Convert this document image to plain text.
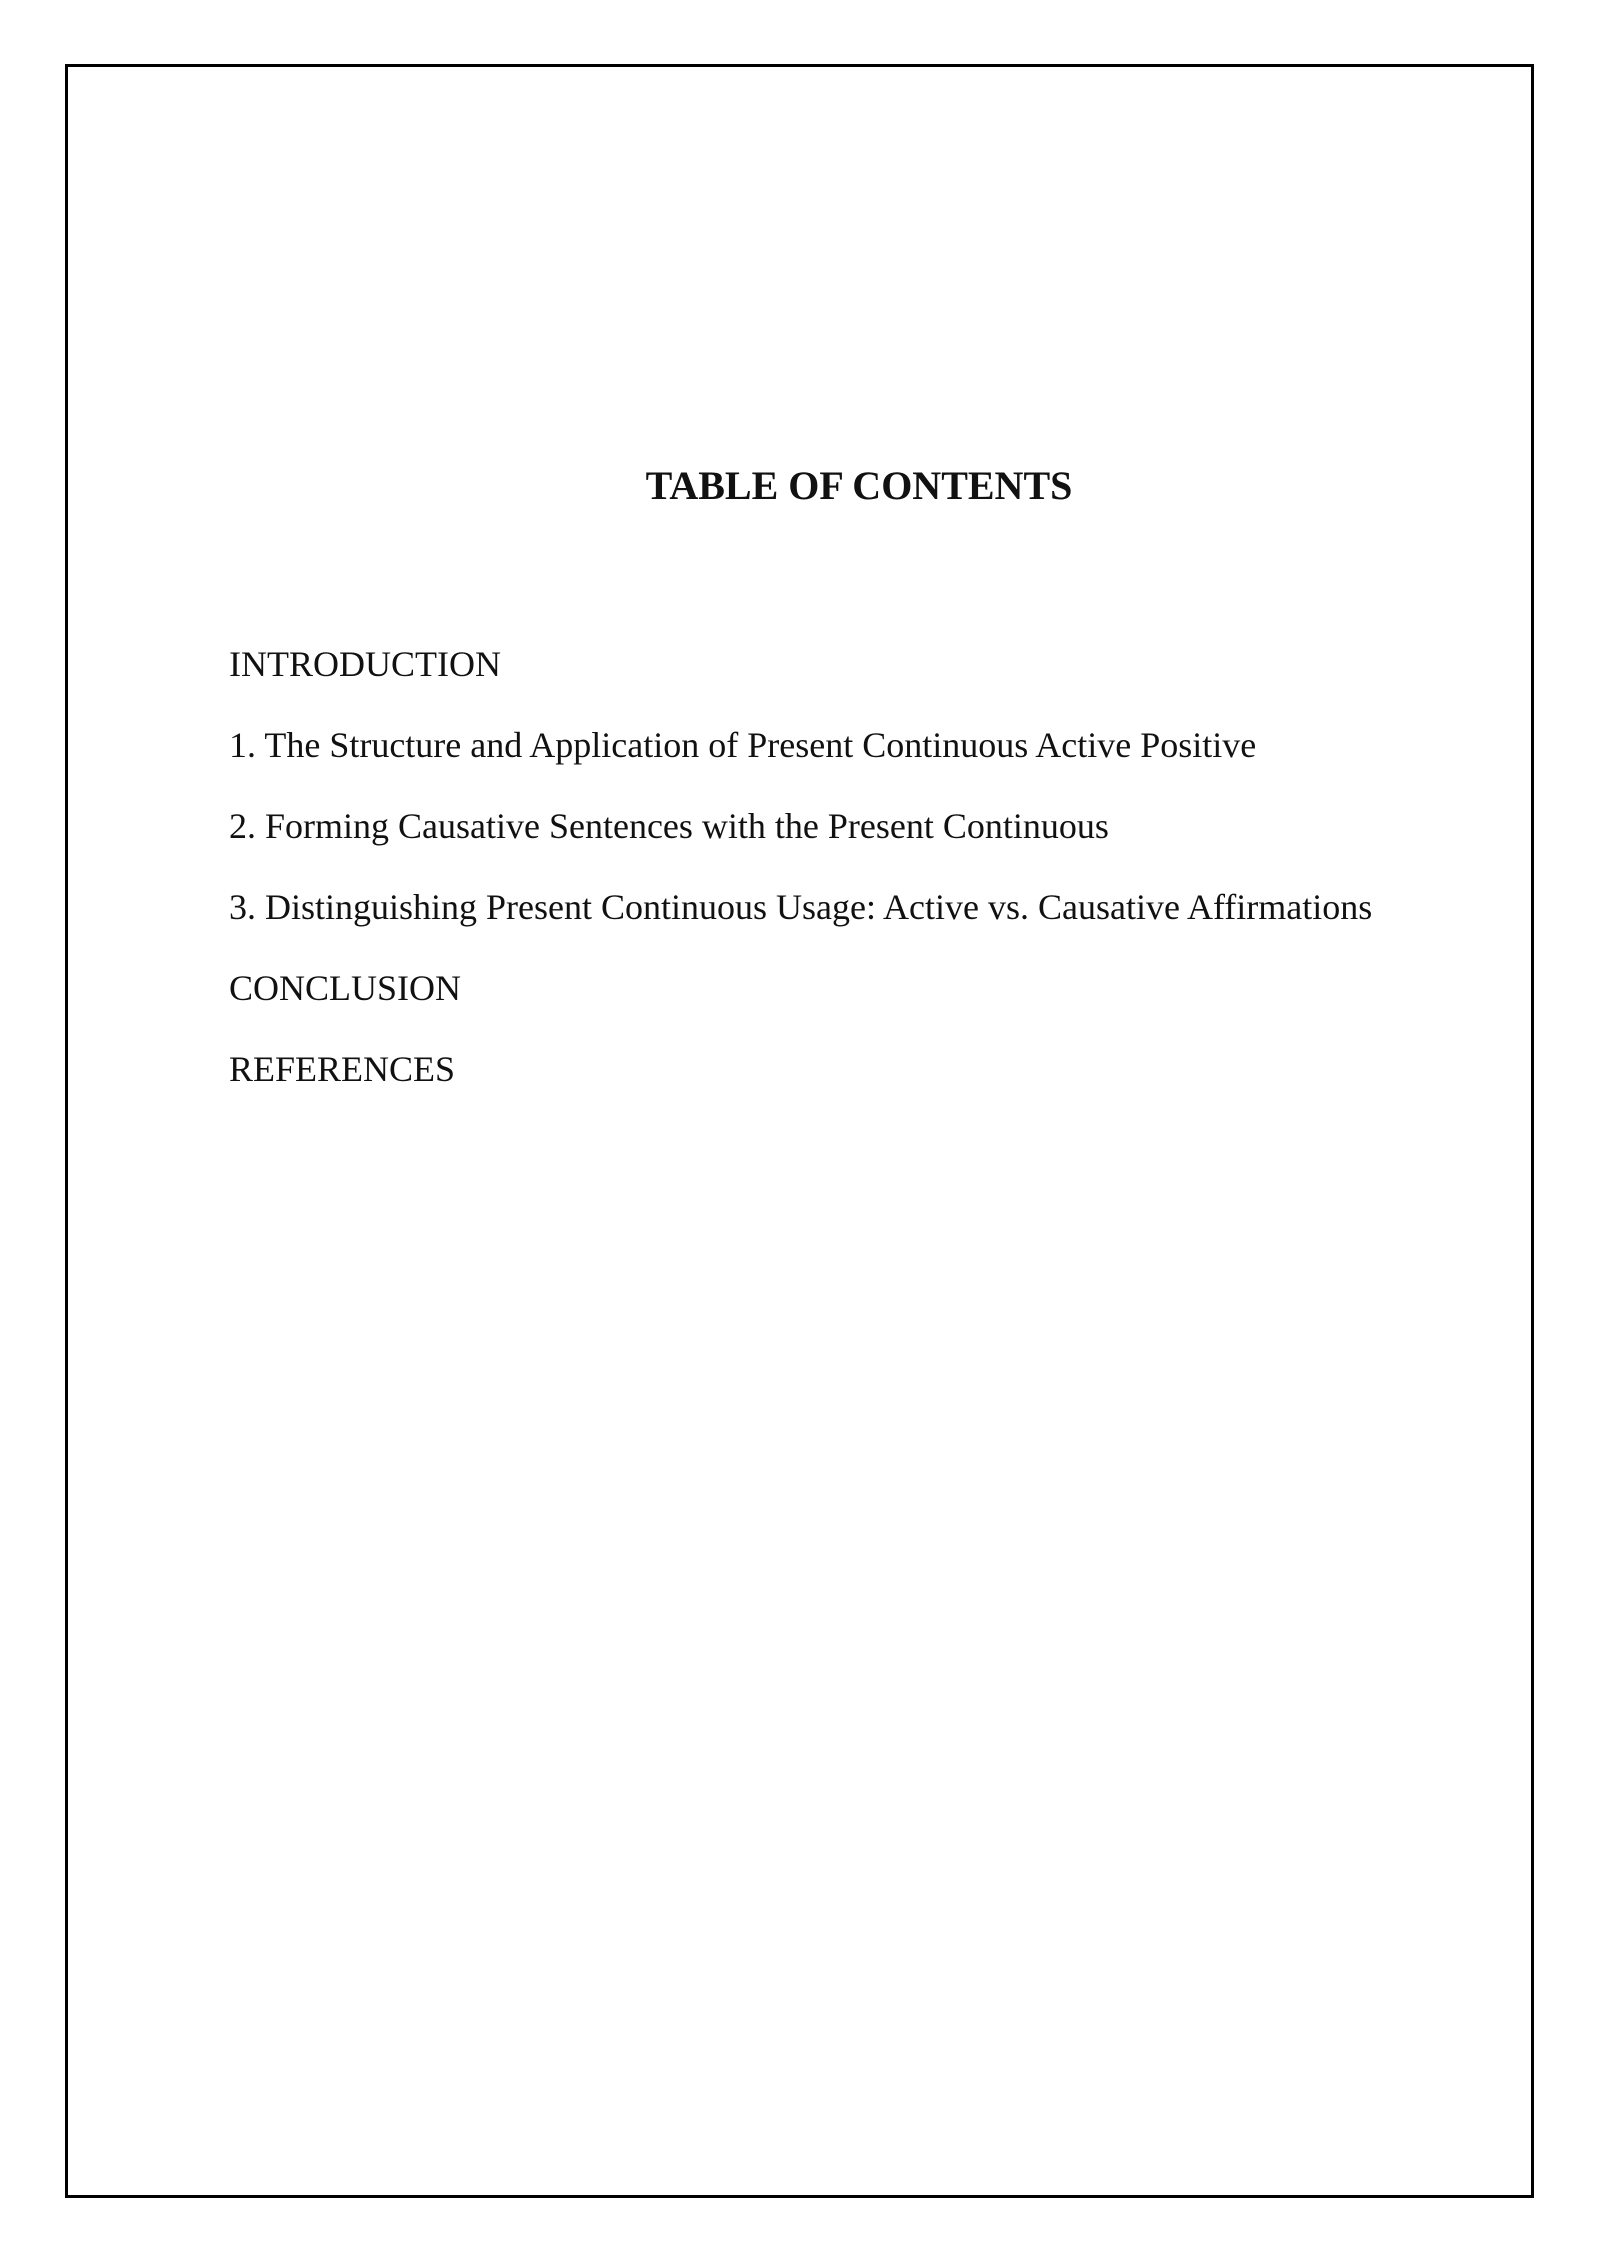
TABLE OF CONTENTS
INTRODUCTION
1. The Structure and Application of Present Continuous Active Positive
2. Forming Causative Sentences with the Present Continuous
3. Distinguishing Present Continuous Usage: Active vs. Causative Affirmations
CONCLUSION
REFERENCES
